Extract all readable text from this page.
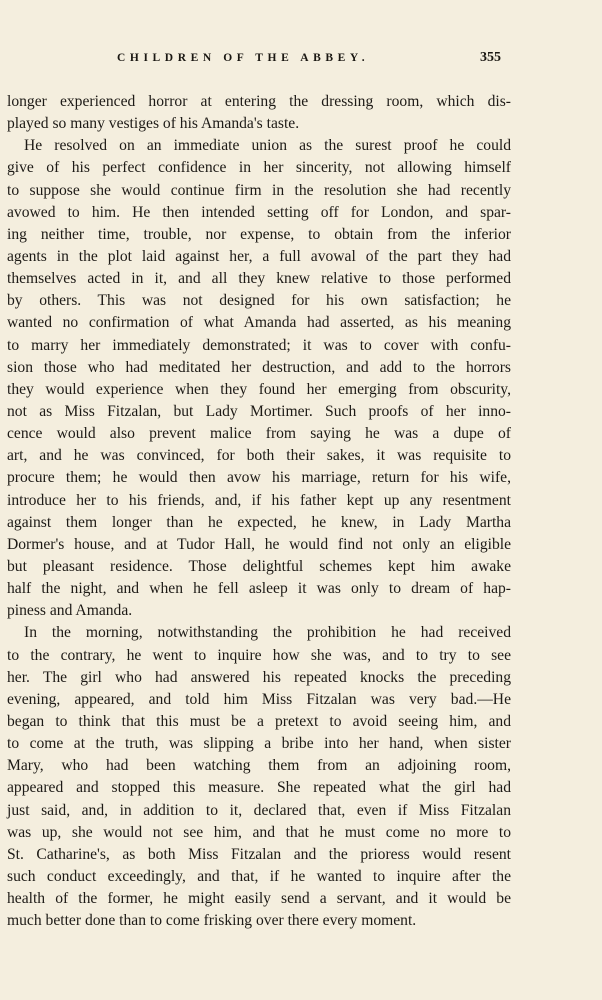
CHILDREN OF THE ABBEY.	355
longer experienced horror at entering the dressing room, which dis-
played so many vestiges of his Amanda's taste.
He resolved on an immediate union as the surest proof he could
give of his perfect confidence in her sincerity, not allowing himself
to suppose she would continue firm in the resolution she had recently
avowed to him. He then intended setting off for London, and spar-
ing neither time, trouble, nor expense, to obtain from the inferior
agents in the plot laid against her, a full avowal of the part they had
themselves acted in it, and all they knew relative to those performed
by others. This was not designed for his own satisfaction; he
wanted no confirmation of what Amanda had asserted, as his meaning
to marry her immediately demonstrated; it was to cover with confu-
sion those who had meditated her destruction, and add to the horrors
they would experience when they found her emerging from obscurity,
not as Miss Fitzalan, but Lady Mortimer. Such proofs of her inno-
cence would also prevent malice from saying he was a dupe of
art, and he was convinced, for both their sakes, it was requisite to
procure them; he would then avow his marriage, return for his wife,
introduce her to his friends, and, if his father kept up any resentment
against them longer than he expected, he knew, in Lady Martha
Dormer's house, and at Tudor Hall, he would find not only an eligible
but pleasant residence. Those delightful schemes kept him awake
half the night, and when he fell asleep it was only to dream of hap-
piness and Amanda.
In the morning, notwithstanding the prohibition he had received
to the contrary, he went to inquire how she was, and to try to see
her. The girl who had answered his repeated knocks the preceding
evening, appeared, and told him Miss Fitzalan was very bad.—He
began to think that this must be a pretext to avoid seeing him, and
to come at the truth, was slipping a bribe into her hand, when sister
Mary, who had been watching them from an adjoining room,
appeared and stopped this measure. She repeated what the girl had
just said, and, in addition to it, declared that, even if Miss Fitzalan
was up, she would not see him, and that he must come no more to
St. Catharine's, as both Miss Fitzalan and the prioress would resent
such conduct exceedingly, and that, if he wanted to inquire after the
health of the former, he might easily send a servant, and it would be
much better done than to come frisking over there every moment.
